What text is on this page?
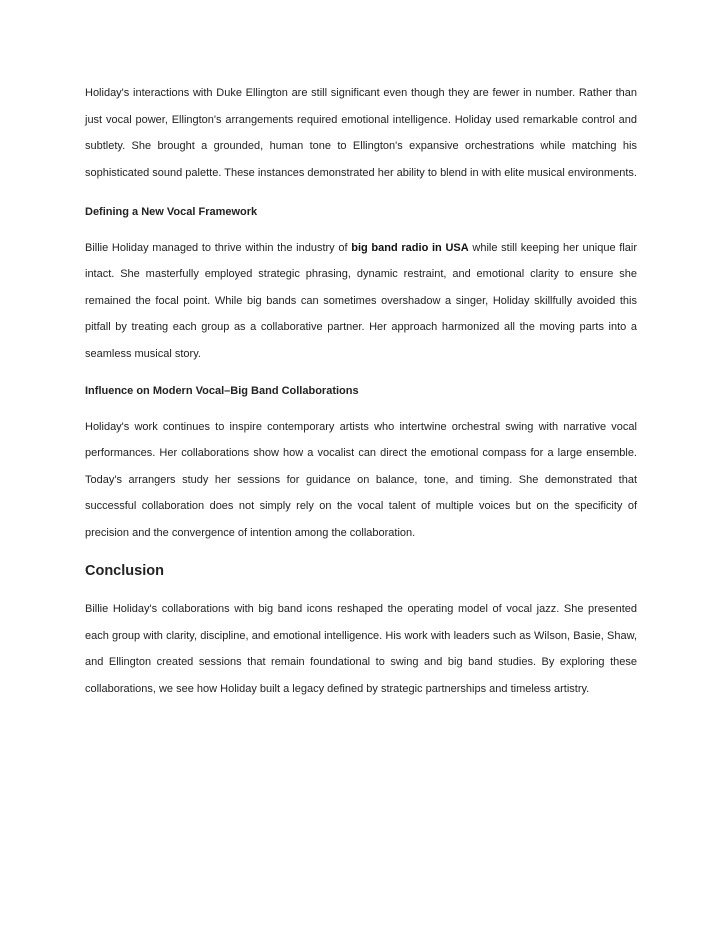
Holiday's interactions with Duke Ellington are still significant even though they are fewer in number. Rather than just vocal power, Ellington's arrangements required emotional intelligence. Holiday used remarkable control and subtlety. She brought a grounded, human tone to Ellington's expansive orchestrations while matching his sophisticated sound palette. These instances demonstrated her ability to blend in with elite musical environments.

Defining a New Vocal Framework

Billie Holiday managed to thrive within the industry of big band radio in USA while still keeping her unique flair intact. She masterfully employed strategic phrasing, dynamic restraint, and emotional clarity to ensure she remained the focal point. While big bands can sometimes overshadow a singer, Holiday skillfully avoided this pitfall by treating each group as a collaborative partner. Her approach harmonized all the moving parts into a seamless musical story.

Influence on Modern Vocal–Big Band Collaborations

Holiday's work continues to inspire contemporary artists who intertwine orchestral swing with narrative vocal performances. Her collaborations show how a vocalist can direct the emotional compass for a large ensemble. Today's arrangers study her sessions for guidance on balance, tone, and timing. She demonstrated that successful collaboration does not simply rely on the vocal talent of multiple voices but on the specificity of precision and the convergence of intention among the collaboration.

Conclusion

Billie Holiday's collaborations with big band icons reshaped the operating model of vocal jazz. She presented each group with clarity, discipline, and emotional intelligence. His work with leaders such as Wilson, Basie, Shaw, and Ellington created sessions that remain foundational to swing and big band studies. By exploring these collaborations, we see how Holiday built a legacy defined by strategic partnerships and timeless artistry.
